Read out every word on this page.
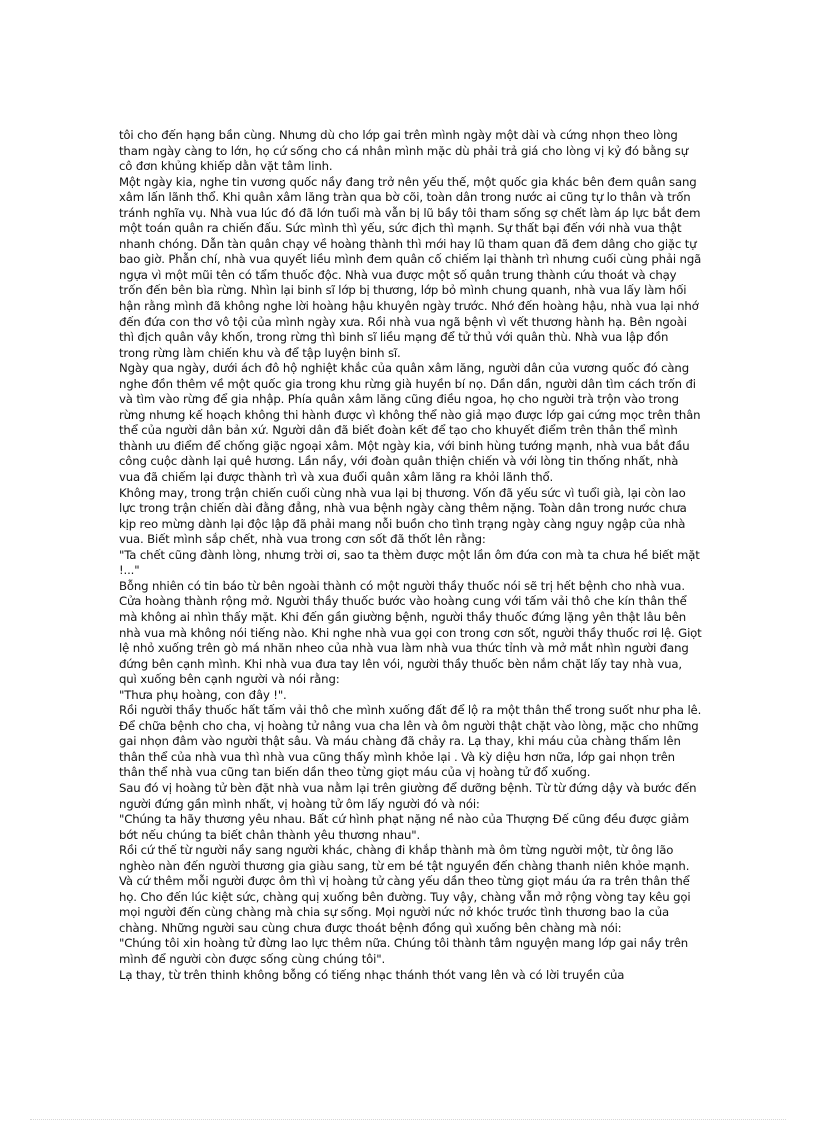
tôi cho đến hạng bần cùng. Nhưng dù cho lớp gai trên mình ngày một dài và cứng nhọn theo lòng tham ngày càng to lớn, họ cứ sống cho cá nhân mình mặc dù phải trả giá cho lòng vị kỷ đó bằng sự cô đơn khủng khiếp dằn vặt tâm linh.

Một ngày kia, nghe tin vương quốc nầy đang trở nên yếu thế, một quốc gia khác bên đem quân sang xâm lấn lãnh thổ. Khi quân xâm lăng tràn qua bờ cõi, toàn dân trong nước ai cũng tự lo thân và trốn tránh nghĩa vụ. Nhà vua lúc đó đã lớn tuổi mà vẫn bị lũ bầy tôi tham sống sợ chết làm áp lực bắt đem một toán quân ra chiến đấu. Sức mình thì yếu, sức địch thì mạnh. Sự thất bại đến với nhà vua thật nhanh chóng. Dẫn tàn quân chạy về hoàng thành thì mới hay lũ tham quan đã đem dâng cho giặc tự bao giờ. Phẫn chí, nhà vua quyết liều mình đem quân cố chiếm lại thành trì nhưng cuối cùng phải ngã ngựa vì một mũi tên có tẩm thuốc độc. Nhà vua được một số quân trung thành cứu thoát và chạy trốn đến bên bìa rừng. Nhìn lại binh sĩ lớp bị thương, lớp bỏ mình chung quanh, nhà vua lấy làm hối hận rằng mình đã không nghe lời hoàng hậu khuyên ngày trước. Nhớ đến hoàng hậu, nhà vua lại nhớ đến đứa con thơ vô tội của mình ngày xưa. Rồi nhà vua ngã bệnh vì vết thương hành hạ. Bên ngoài thì địch quân vây khốn, trong rừng thì binh sĩ liều mạng để tử thủ với quân thù. Nhà vua lập đồn trong rừng làm chiến khu và để tập luyện binh sĩ.

Ngày qua ngày, dưới ách đô hộ nghiệt khắc của quân xâm lăng, người dân của vương quốc đó càng nghe đồn thêm về một quốc gia trong khu rừng già huyền bí nọ. Dần dần, người dân tìm cách trốn đi và tìm vào rừng để gia nhập. Phía quân xâm lăng cũng điều ngoa, họ cho người trà trộn vào trong rừng nhưng kế hoạch không thi hành được vì không thể nào giả mạo được lớp gai cứng mọc trên thân thể của người dân bản xứ. Người dân đã biết đoàn kết để tạo cho khuyết điểm trên thân thể mình thành ưu điểm để chống giặc ngoại xâm. Một ngày kia, với binh hùng tướng mạnh, nhà vua bắt đầu công cuộc dành lại quê hương. Lần nầy, với đoàn quân thiện chiến và với lòng tin thống nhất, nhà vua đã chiếm lại được thành trì và xua đuổi quân xâm lăng ra khỏi lãnh thổ.

Không may, trong trận chiến cuối cùng nhà vua lại bị thương. Vốn đã yếu sức vì tuổi già, lại còn lao lực trong trận chiến dài đằng đẳng, nhà vua bệnh ngày càng thêm nặng. Toàn dân trong nước chưa kịp reo mừng dành lại độc lập đã phải mang nỗi buồn cho tình trạng ngày càng nguy ngập của nhà vua. Biết mình sắp chết, nhà vua trong cơn sốt đã thốt lên rằng:

"Ta chết cũng đành lòng, nhưng trời ơi, sao ta thèm được một lần ôm đứa con mà ta chưa hề biết mặt !..."

Bỗng nhiên có tin báo từ bên ngoài thành có một người thầy thuốc nói sẽ trị hết bệnh cho nhà vua. Cửa hoàng thành rộng mở. Người thầy thuốc bước vào hoàng cung với tấm vải thô che kín thân thể mà không ai nhìn thấy mặt. Khi đến gần giường bệnh, người thầy thuốc đứng lặng yên thật lâu bên nhà vua mà không nói tiếng nào. Khi nghe nhà vua gọi con trong cơn sốt, người thầy thuốc rơi lệ. Giọt lệ nhỏ xuống trên gò má nhăn nheo của nhà vua làm nhà vua thức tỉnh và mở mắt nhìn người đang đứng bên cạnh mình. Khi nhà vua đưa tay lên vói, người thầy thuốc bèn nắm chặt lấy tay nhà vua, quì xuống bên cạnh người và nói rằng:

"Thưa phụ hoàng, con đây !".

Rồi người thầy thuốc hất tấm vải thô che mình xuống đất để lộ ra một thân thể trong suốt như pha lê. Để chữa bệnh cho cha, vị hoàng tử nâng vua cha lên và ôm người thật chặt vào lòng, mặc cho những gai nhọn đâm vào người thật sâu. Và máu chàng đã chảy ra. Lạ thay, khi máu của chàng thấm lên thân thể của nhà vua thì nhà vua cũng thấy mình khỏe lại . Và kỳ diệu hơn nữa, lớp gai nhọn trên thân thể nhà vua cũng tan biến dần theo từng giọt máu của vị hoàng tử đổ xuống.

Sau đó vị hoàng tử bèn đặt nhà vua nằm lại trên giường để dưỡng bệnh. Từ từ đứng dậy và bước đến người đứng gần mình nhất, vị hoàng tử ôm lấy người đó và nói:

"Chúng ta hãy thương yêu nhau. Bất cứ hình phạt nặng nề nào của Thượng Đế cũng đều được giảm bớt nếu chúng ta biết chân thành yêu thương nhau".

Rồi cứ thế từ người nầy sang người khác, chàng đi khắp thành mà ôm từng người một, từ ông lão nghèo nàn đến người thương gia giàu sang, từ em bé tật nguyền đến chàng thanh niên khỏe mạnh. Và cứ thêm mỗi người được ôm thì vị hoàng tử càng yếu dần theo từng giọt máu ứa ra trên thân thể họ. Cho đến lúc kiệt sức, chàng quị xuống bên đường. Tuy vậy, chàng vẫn mở rộng vòng tay kêu gọi mọi người đến cùng chàng mà chia sự sống. Mọi người nức nở khóc trước tình thương bao la của chàng. Những người sau cùng chưa được thoát bệnh đồng quì xuống bên chàng mà nói:

"Chúng tôi xin hoàng tử đừng lao lực thêm nữa. Chúng tôi thành tâm nguyện mang lớp gai nầy trên mình để người còn được sống cùng chúng tôi".

Lạ thay, từ trên thinh không bỗng có tiếng nhạc thánh thót vang lên và có lời truyền của
